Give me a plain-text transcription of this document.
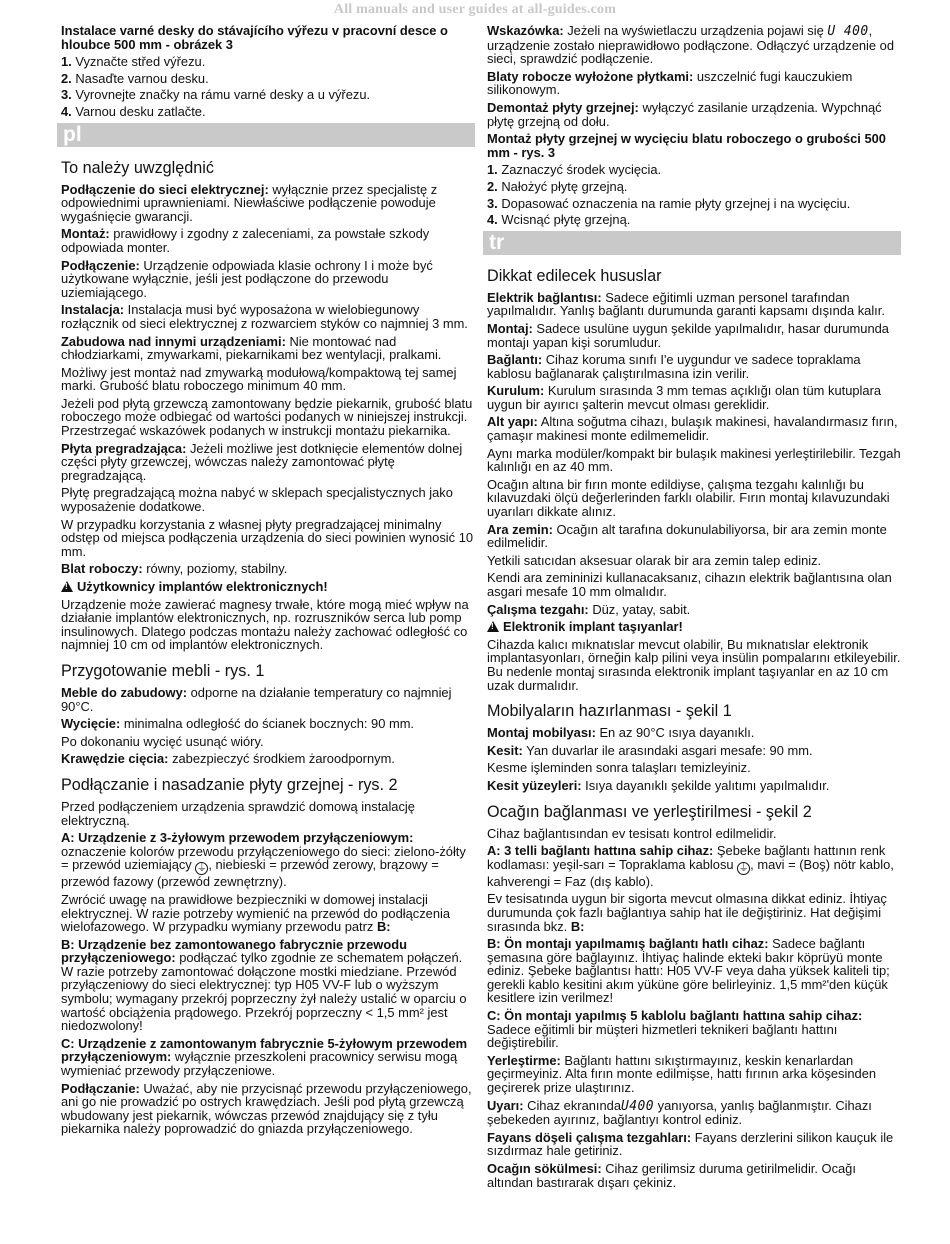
All manuals and user guides at all-guides.com

Instalace varné desky do stávajícího výřezu v pracovní desce o hloubce 500 mm - obrázek 3

1. Vyznačte střed výřezu.
2. Nasaďte varnou desku.
3. Vyrovnejte značky na rámu varné desky a u výřezu.
4. Varnou desku zatlačte.
pl
To należy uwzględnić

Podłączenie do sieci elektrycznej: wyłącznie przez specjalistę z odpowiednimi uprawnieniami. Niewłaściwe podłączenie powoduje wygaśnięcie gwarancji.

Montaż: prawidłowy i zgodny z zaleceniami, za powstałe szkody odpowiada monter.

Podłączenie: Urządzenie odpowiada klasie ochrony I i może być użytkowane wyłącznie, jeśli jest podłączone do przewodu uziemiającego.

Instalacja: Instalacja musi być wyposażona w wielobiegunowy rozłącznik od sieci elektrycznej z rozwarciem styków co najmniej 3 mm.

Zabudowa nad innymi urządzeniami: Nie montować nad chłodziarkami, zmywarkami, piekarnikami bez wentylacji, pralkami.

Możliwy jest montaż nad zmywarką modułową/kompaktową tej samej marki. Grubość blatu roboczego minimum 40 mm.

Jeżeli pod płytą grzewczą zamontowany będzie piekarnik, grubość blatu roboczego może odbiegać od wartości podanych w niniejszej instrukcji. Przestrzegać wskazówek podanych w instrukcji montażu piekarnika.

Płyta pregradzająca: Jeżeli możliwe jest dotknięcie elementów dolnej części płyty grzewczej, wówczas należy zamontować płytę pregradzającą.

Płytę pregradzającą można nabyć w sklepach specjalistycznych jako wyposażenie dodatkowe.

W przypadku korzystania z własnej płyty pregradzającej minimalny odstęp od miejsca podłączenia urządzenia do sieci powinien wynosić 10 mm.

Blat roboczy: równy, poziomy, stabilny.

!Użytkownicy implantów elektronicznych!

Urządzenie może zawierać magnesy trwałe, które mogą mieć wpływ na działanie implantów elektronicznych, np. rozruszników serca lub pomp insulinowych. Dlatego podczas montażu należy zachować odległość co najmniej 10 cm od implantów elektronicznych.

Przygotowanie mebli - rys. 1

Meble do zabudowy: odporne na działanie temperatury co najmniej 90°C.

Wycięcie: minimalna odległość do ścianek bocznych: 90 mm.

Po dokonaniu wycięć usunąć wióry.

Krawędzie cięcia: zabezpieczyć środkiem żaroodpornym.

Podłączanie i nasadzanie płyty grzejnej - rys. 2

Przed podłączeniem urządzenia sprawdzić domową instalację elektryczną.

A: Urządzenie z 3-żyłowym przewodem przyłączeniowym: oznaczenie kolorów przewodu przyłączeniowego do sieci: zielono-żółty = przewód uziemiający ⏚ , niebieski = przewód zerowy, brązowy = przewód fazowy (przewód zewnętrzny).

Zwrócić uwagę na prawidłowe bezpieczniki w domowej instalacji elektrycznej. W razie potrzeby wymienić na przewód do podłączenia wielofazowego. W przypadku wymiany przewodu patrz B:

B: Urządzenie bez zamontowanego fabrycznie przewodu przyłączeniowego: podłączać tylko zgodnie ze schematem połączeń. W razie potrzeby zamontować dołączone mostki miedziane. Przewód przyłączeniowy do sieci elektrycznej: typ H05 VV-F lub o wyższym symbolu; wymagany przekrój poprzeczny żył należy ustalić w oparciu o wartość obciążenia prądowego. Przekrój poprzeczny < 1,5 mm² jest niedozwolony!

C: Urządzenie z zamontowanym fabrycznie 5-żyłowym przewodem przyłączeniowym: wyłącznie przeszkoleni pracownicy serwisu mogą wymieniać przewody przyłączeniowe.

Podłączanie: Uważać, aby nie przycisnąć przewodu przyłączeniowego, ani go nie prowadzić po ostrych krawędziach. Jeśli pod płytą grzewczą wbudowany jest piekarnik, wówczas przewód znajdujący się z tyłu piekarnika należy poprowadzić do gniazda przyłączeniowego.

Wskazówka: Jeżeli na wyświetlaczu urządzenia pojawi się U 400, urządzenie zostało nieprawidłowo podłączone. Odłączyć urządzenie od sieci, sprawdzić podłączenie.

Blaty robocze wyłożone płytkami: uszczelnić fugi kauczukiem silikonowym.

Demontaż płyty grzejnej: wyłączyć zasilanie urządzenia. Wypchnąć płytę grzejną od dołu.

Montaż płyty grzejnej w wycięciu blatu roboczego o grubości 500 mm - rys. 3

1. Zaznaczyć środek wycięcia.
2. Nałożyć płytę grzejną.
3. Dopasować oznaczenia na ramie płyty grzejnej i na wycięciu.
4. Wcisnąć płytę grzejną.
tr
Dikkat edilecek hususlar

Elektrik bağlantısı: Sadece eğitimli uzman personel tarafından yapılmalıdır. Yanlış bağlantı durumunda garanti kapsamı dışında kalır.

Montaj: Sadece usulüne uygun şekilde yapılmalıdır, hasar durumunda montajı yapan kişi sorumludur.

Bağlantı: Cihaz koruma sınıfı I'e uygundur ve sadece topraklama kablosu bağlanarak çalıştırılmasına izin verilir.

Kurulum: Kurulum sırasında 3 mm temas açıklığı olan tüm kutuplara uygun bir ayırıcı şalterin mevcut olması gereklidir.

Alt yapı: Altına soğutma cihazı, bulaşık makinesi, havalandırmasız fırın, çamaşır makinesi monte edilmemelidir.

Aynı marka modüler/kompakt bir bulaşık makinesi yerleştirilebilir. Tezgah kalınlığı en az 40 mm.

Ocağın altına bir fırın monte edildiyse, çalışma tezgahı kalınlığı bu kılavuzdaki ölçü değerlerinden farklı olabilir. Fırın montaj kılavuzundaki uyarıları dikkate alınız.

Ara zemin: Ocağın alt tarafına dokunulabiliyorsa, bir ara zemin monte edilmelidir.

Yetkili satıcıdan aksesuar olarak bir ara zemin talep ediniz.

Kendi ara zemininizi kullanacaksanız, cihazın elektrik bağlantısına olan asgari mesafe 10 mm olmalıdır.

Çalışma tezgahı: Düz, yatay, sabit.

!Elektronik implant taşıyanlar!

Cihazda kalıcı mıknatıslar mevcut olabilir, Bu mıknatıslar elektronik implantasyonları, örneğin kalp pilini veya insülin pompalarını etkileyebilir. Bu nedenle montaj sırasında elektronik implant taşıyanlar en az 10 cm uzak durmalıdır.

Mobilyaların hazırlanması - şekil 1

Montaj mobilyası: En az 90°C ısıya dayanıklı.

Kesit: Yan duvarlar ile arasındaki asgari mesafe: 90 mm.

Kesme işleminden sonra talaşları temizleyiniz.

Kesit yüzeyleri: Isıya dayanıklı şekilde yalıtımı yapılmalıdır.

Ocağın bağlanması ve yerleştirilmesi - şekil 2

Cihaz bağlantısından ev tesisatı kontrol edilmelidir.

A: 3 telli bağlantı hattına sahip cihaz: Şebeke bağlantı hattının renk kodlaması: yeşil-sarı = Topraklama kablosu ⏚ , mavi = (Boş) nötr kablo, kahverengi = Faz (dış kablo).

Ev tesisatında uygun bir sigorta mevcut olmasına dikkat ediniz. İhtiyaç durumunda çok fazlı bağlantıya sahip hat ile değiştiriniz. Hat değişimi sırasında bkz. B:

B: Ön montajı yapılmamış bağlantı hatlı cihaz: Sadece bağlantı şemasına göre bağlayınız. İhtiyaç halinde ekteki bakır köprüyü monte ediniz. Şebeke bağlantısı hattı: H05 VV-F veya daha yüksek kaliteli tip; gerekli kablo kesitini akım yüküne göre belirleyiniz. 1,5 mm²'den küçük kesitlere izin verilmez!

C: Ön montajı yapılmış 5 kablolu bağlantı hattına sahip cihaz: Sadece eğitimli bir müşteri hizmetleri teknikeri bağlantı hattını değiştirebilir.

Yerleştirme: Bağlantı hattını sıkıştırmayınız, keskin kenarlardan geçirmeyiniz. Alta fırın monte edilmişse, hattı fırının arka köşesinden geçirerek prize ulaştırınız.

Uyarı: Cihaz ekranındaU400 yanıyorsa, yanlış bağlanmıştır. Cihazı şebekeden ayırınız, bağlantıyı kontrol ediniz.

Fayans döşeli çalışma tezgahları: Fayans derzlerini silikon kauçuk ile sızdırmaz hale getiriniz.

Ocağın sökülmesi: Cihaz gerilimsiz duruma getirilmelidir. Ocağı altından bastırarak dışarı çekiniz.
